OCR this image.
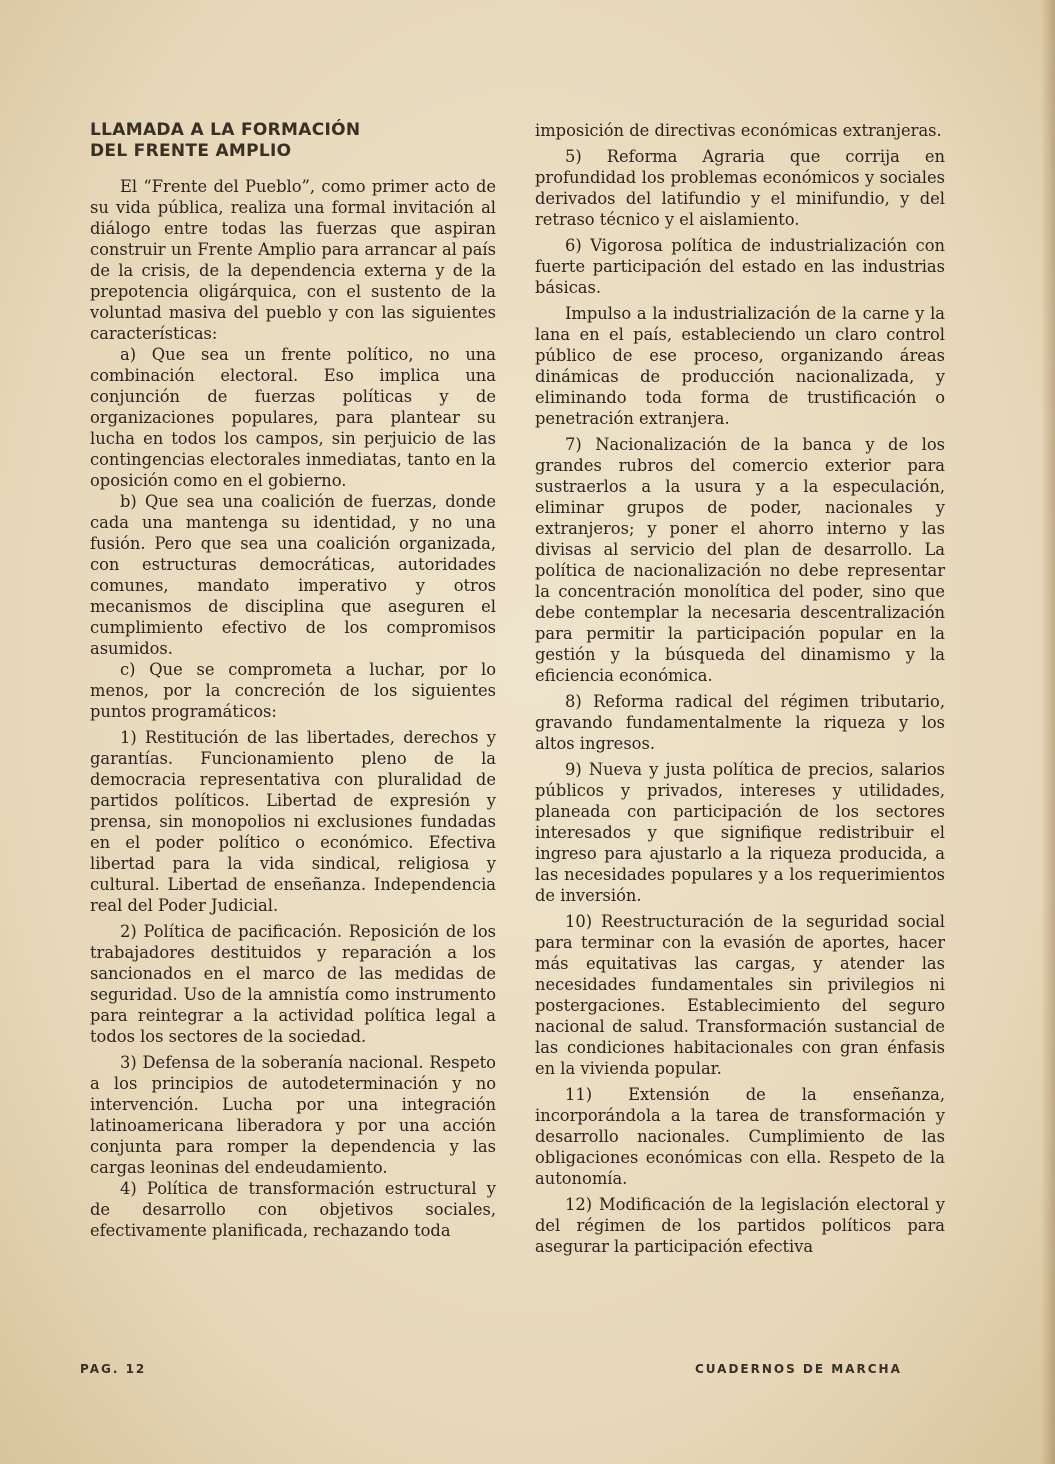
LLAMADA A LA FORMACIÓN
DEL FRENTE AMPLIO

El “Frente del Pueblo”, como primer acto de su vida pública, realiza una formal invitación al diálogo entre todas las fuerzas que aspiran construir un Frente Amplio para arrancar al país de la crisis, de la dependencia externa y de la prepotencia oligárquica, con el sustento de la voluntad masiva del pueblo y con las siguientes características:

a) Que sea un frente político, no una combinación electoral. Eso implica una conjunción de fuerzas políticas y de organizaciones populares, para plantear su lucha en todos los campos, sin perjuicio de las contingencias electorales inmediatas, tanto en la oposición como en el gobierno.

b) Que sea una coalición de fuerzas, donde cada una mantenga su identidad, y no una fusión. Pero que sea una coalición organizada, con estructuras democráticas, autoridades comunes, mandato imperativo y otros mecanismos de disciplina que aseguren el cumplimiento efectivo de los compromisos asumidos.

c) Que se comprometa a luchar, por lo menos, por la concreción de los siguientes puntos programáticos:

1) Restitución de las libertades, derechos y garantías. Funcionamiento pleno de la democracia representativa con pluralidad de partidos políticos. Libertad de expresión y prensa, sin monopolios ni exclusiones fundadas en el poder político o económico. Efectiva libertad para la vida sindical, religiosa y cultural. Libertad de enseñanza. Independencia real del Poder Judicial.

2) Política de pacificación. Reposición de los trabajadores destituidos y reparación a los sancionados en el marco de las medidas de seguridad. Uso de la amnistía como instrumento para reintegrar a la actividad política legal a todos los sectores de la sociedad.

3) Defensa de la soberanía nacional. Respeto a los principios de autodeterminación y no intervención. Lucha por una integración latinoamericana liberadora y por una acción conjunta para romper la dependencia y las cargas leoninas del endeudamiento.

4) Política de transformación estructural y de desarrollo con objetivos sociales, efectivamente planificada, rechazando toda

imposición de directivas económicas extranjeras.

5) Reforma Agraria que corrija en profundidad los problemas económicos y sociales derivados del latifundio y el minifundio, y del retraso técnico y el aislamiento.

6) Vigorosa política de industrialización con fuerte participación del estado en las industrias básicas.

Impulso a la industrialización de la carne y la lana en el país, estableciendo un claro control público de ese proceso, organizando áreas dinámicas de producción nacionalizada, y eliminando toda forma de trustificación o penetración extranjera.

7) Nacionalización de la banca y de los grandes rubros del comercio exterior para sustraerlos a la usura y a la especulación, eliminar grupos de poder, nacionales y extranjeros; y poner el ahorro interno y las divisas al servicio del plan de desarrollo. La política de nacionalización no debe representar la concentración monolítica del poder, sino que debe contemplar la necesaria descentralización para permitir la participación popular en la gestión y la búsqueda del dinamismo y la eficiencia económica.

8) Reforma radical del régimen tributario, gravando fundamentalmente la riqueza y los altos ingresos.

9) Nueva y justa política de precios, salarios públicos y privados, intereses y utilidades, planeada con participación de los sectores interesados y que signifique redistribuir el ingreso para ajustarlo a la riqueza producida, a las necesidades populares y a los requerimientos de inversión.

10) Reestructuración de la seguridad social para terminar con la evasión de aportes, hacer más equitativas las cargas, y atender las necesidades fundamentales sin privilegios ni postergaciones. Establecimiento del seguro nacional de salud. Transformación sustancial de las condiciones habitacionales con gran énfasis en la vivienda popular.

11) Extensión de la enseñanza, incorporándola a la tarea de transformación y desarrollo nacionales. Cumplimiento de las obligaciones económicas con ella. Respeto de la autonomía.

12) Modificación de la legislación electoral y del régimen de los partidos políticos para asegurar la participación efectiva

PAG. 12	CUADERNOS DE MARCHA
